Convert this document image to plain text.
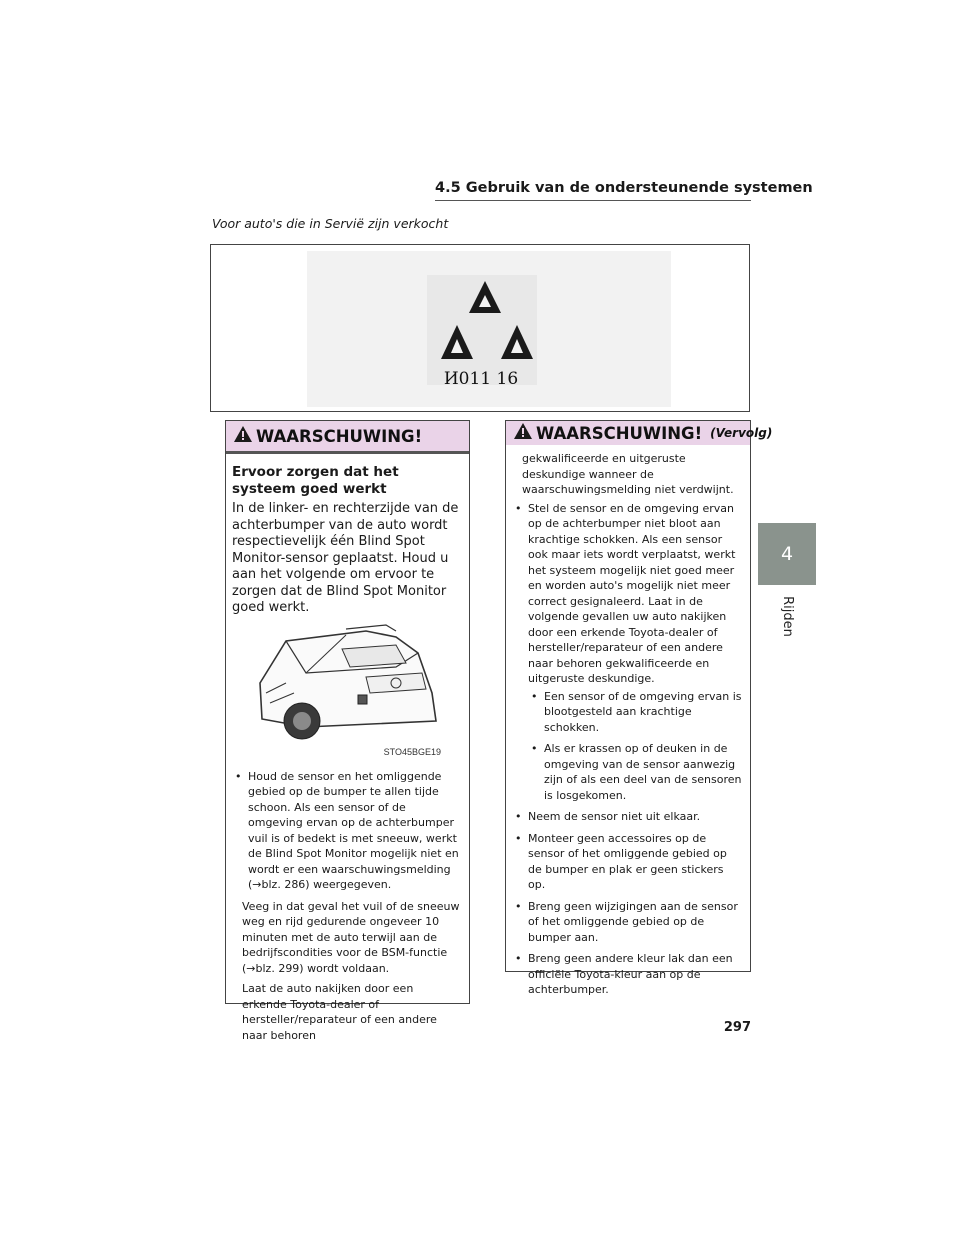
4.5 Gebruik van de ondersteunende systemen
Voor auto's die in Servië zijn verkocht
И011 16
WAARSCHUWING!
Ervoor zorgen dat het systeem goed werkt
In de linker- en rechterzijde van de achterbumper van de auto wordt respectievelijk één Blind Spot Monitor-sensor geplaatst. Houd u aan het volgende om ervoor te zorgen dat de Blind Spot Monitor goed werkt.
STO45BGE19
• Houd de sensor en het omliggende gebied op de bumper te allen tijde schoon. Als een sensor of de omgeving ervan op de achterbumper vuil is of bedekt is met sneeuw, werkt de Blind Spot Monitor mogelijk niet en wordt er een waarschuwingsmelding (→blz. 286) weergegeven.
Veeg in dat geval het vuil of de sneeuw weg en rijd gedurende ongeveer 10 minuten met de auto terwijl aan de bedrijfscondities voor de BSM-functie (→blz. 299) wordt voldaan.
Laat de auto nakijken door een erkende Toyota-dealer of hersteller/reparateur of een andere naar behoren
WAARSCHUWING! (Vervolg)
gekwalificeerde en uitgeruste deskundige wanneer de waarschuwingsmelding niet verdwijnt.
• Stel de sensor en de omgeving ervan op de achterbumper niet bloot aan krachtige schokken. Als een sensor ook maar iets wordt verplaatst, werkt het systeem mogelijk niet goed meer en worden auto's mogelijk niet meer correct gesignaleerd. Laat in de volgende gevallen uw auto nakijken door een erkende Toyota-dealer of hersteller/reparateur of een andere naar behoren gekwalificeerde en uitgeruste deskundige.
• Een sensor of de omgeving ervan is blootgesteld aan krachtige schokken.
• Als er krassen op of deuken in de omgeving van de sensor aanwezig zijn of als een deel van de sensoren is losgekomen.
• Neem de sensor niet uit elkaar.
• Monteer geen accessoires op de sensor of het omliggende gebied op de bumper en plak er geen stickers op.
• Breng geen wijzigingen aan de sensor of het omliggende gebied op de bumper aan.
• Breng geen andere kleur lak dan een officiële Toyota-kleur aan op de achterbumper.
4
Rijden
297
